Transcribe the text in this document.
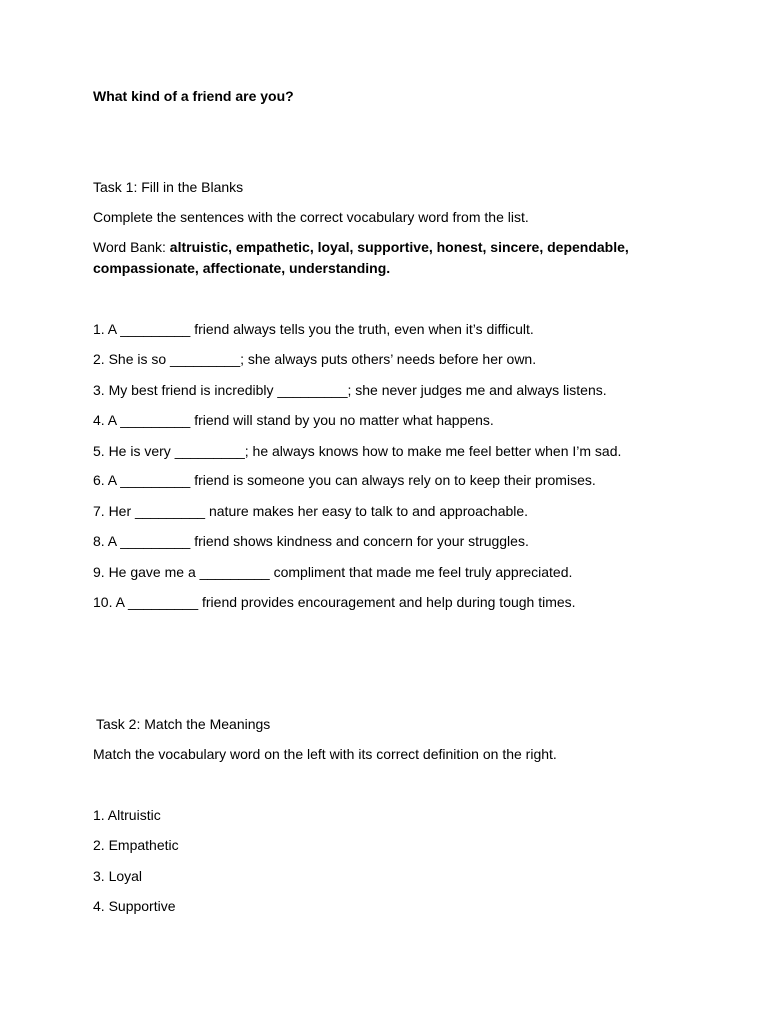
What kind of a friend are you?
Task 1: Fill in the Blanks
Complete the sentences with the correct vocabulary word from the list.
Word Bank: altruistic, empathetic, loyal, supportive, honest, sincere, dependable, compassionate, affectionate, understanding.
1. A _________ friend always tells you the truth, even when it’s difficult.
2. She is so _________; she always puts others’ needs before her own.
3. My best friend is incredibly _________; she never judges me and always listens.
4. A _________ friend will stand by you no matter what happens.
5. He is very _________; he always knows how to make me feel better when I’m sad.
6. A _________ friend is someone you can always rely on to keep their promises.
7. Her _________ nature makes her easy to talk to and approachable.
8. A _________ friend shows kindness and concern for your struggles.
9. He gave me a _________ compliment that made me feel truly appreciated.
10. A _________ friend provides encouragement and help during tough times.
Task 2: Match the Meanings
Match the vocabulary word on the left with its correct definition on the right.
1. Altruistic
2. Empathetic
3. Loyal
4. Supportive
